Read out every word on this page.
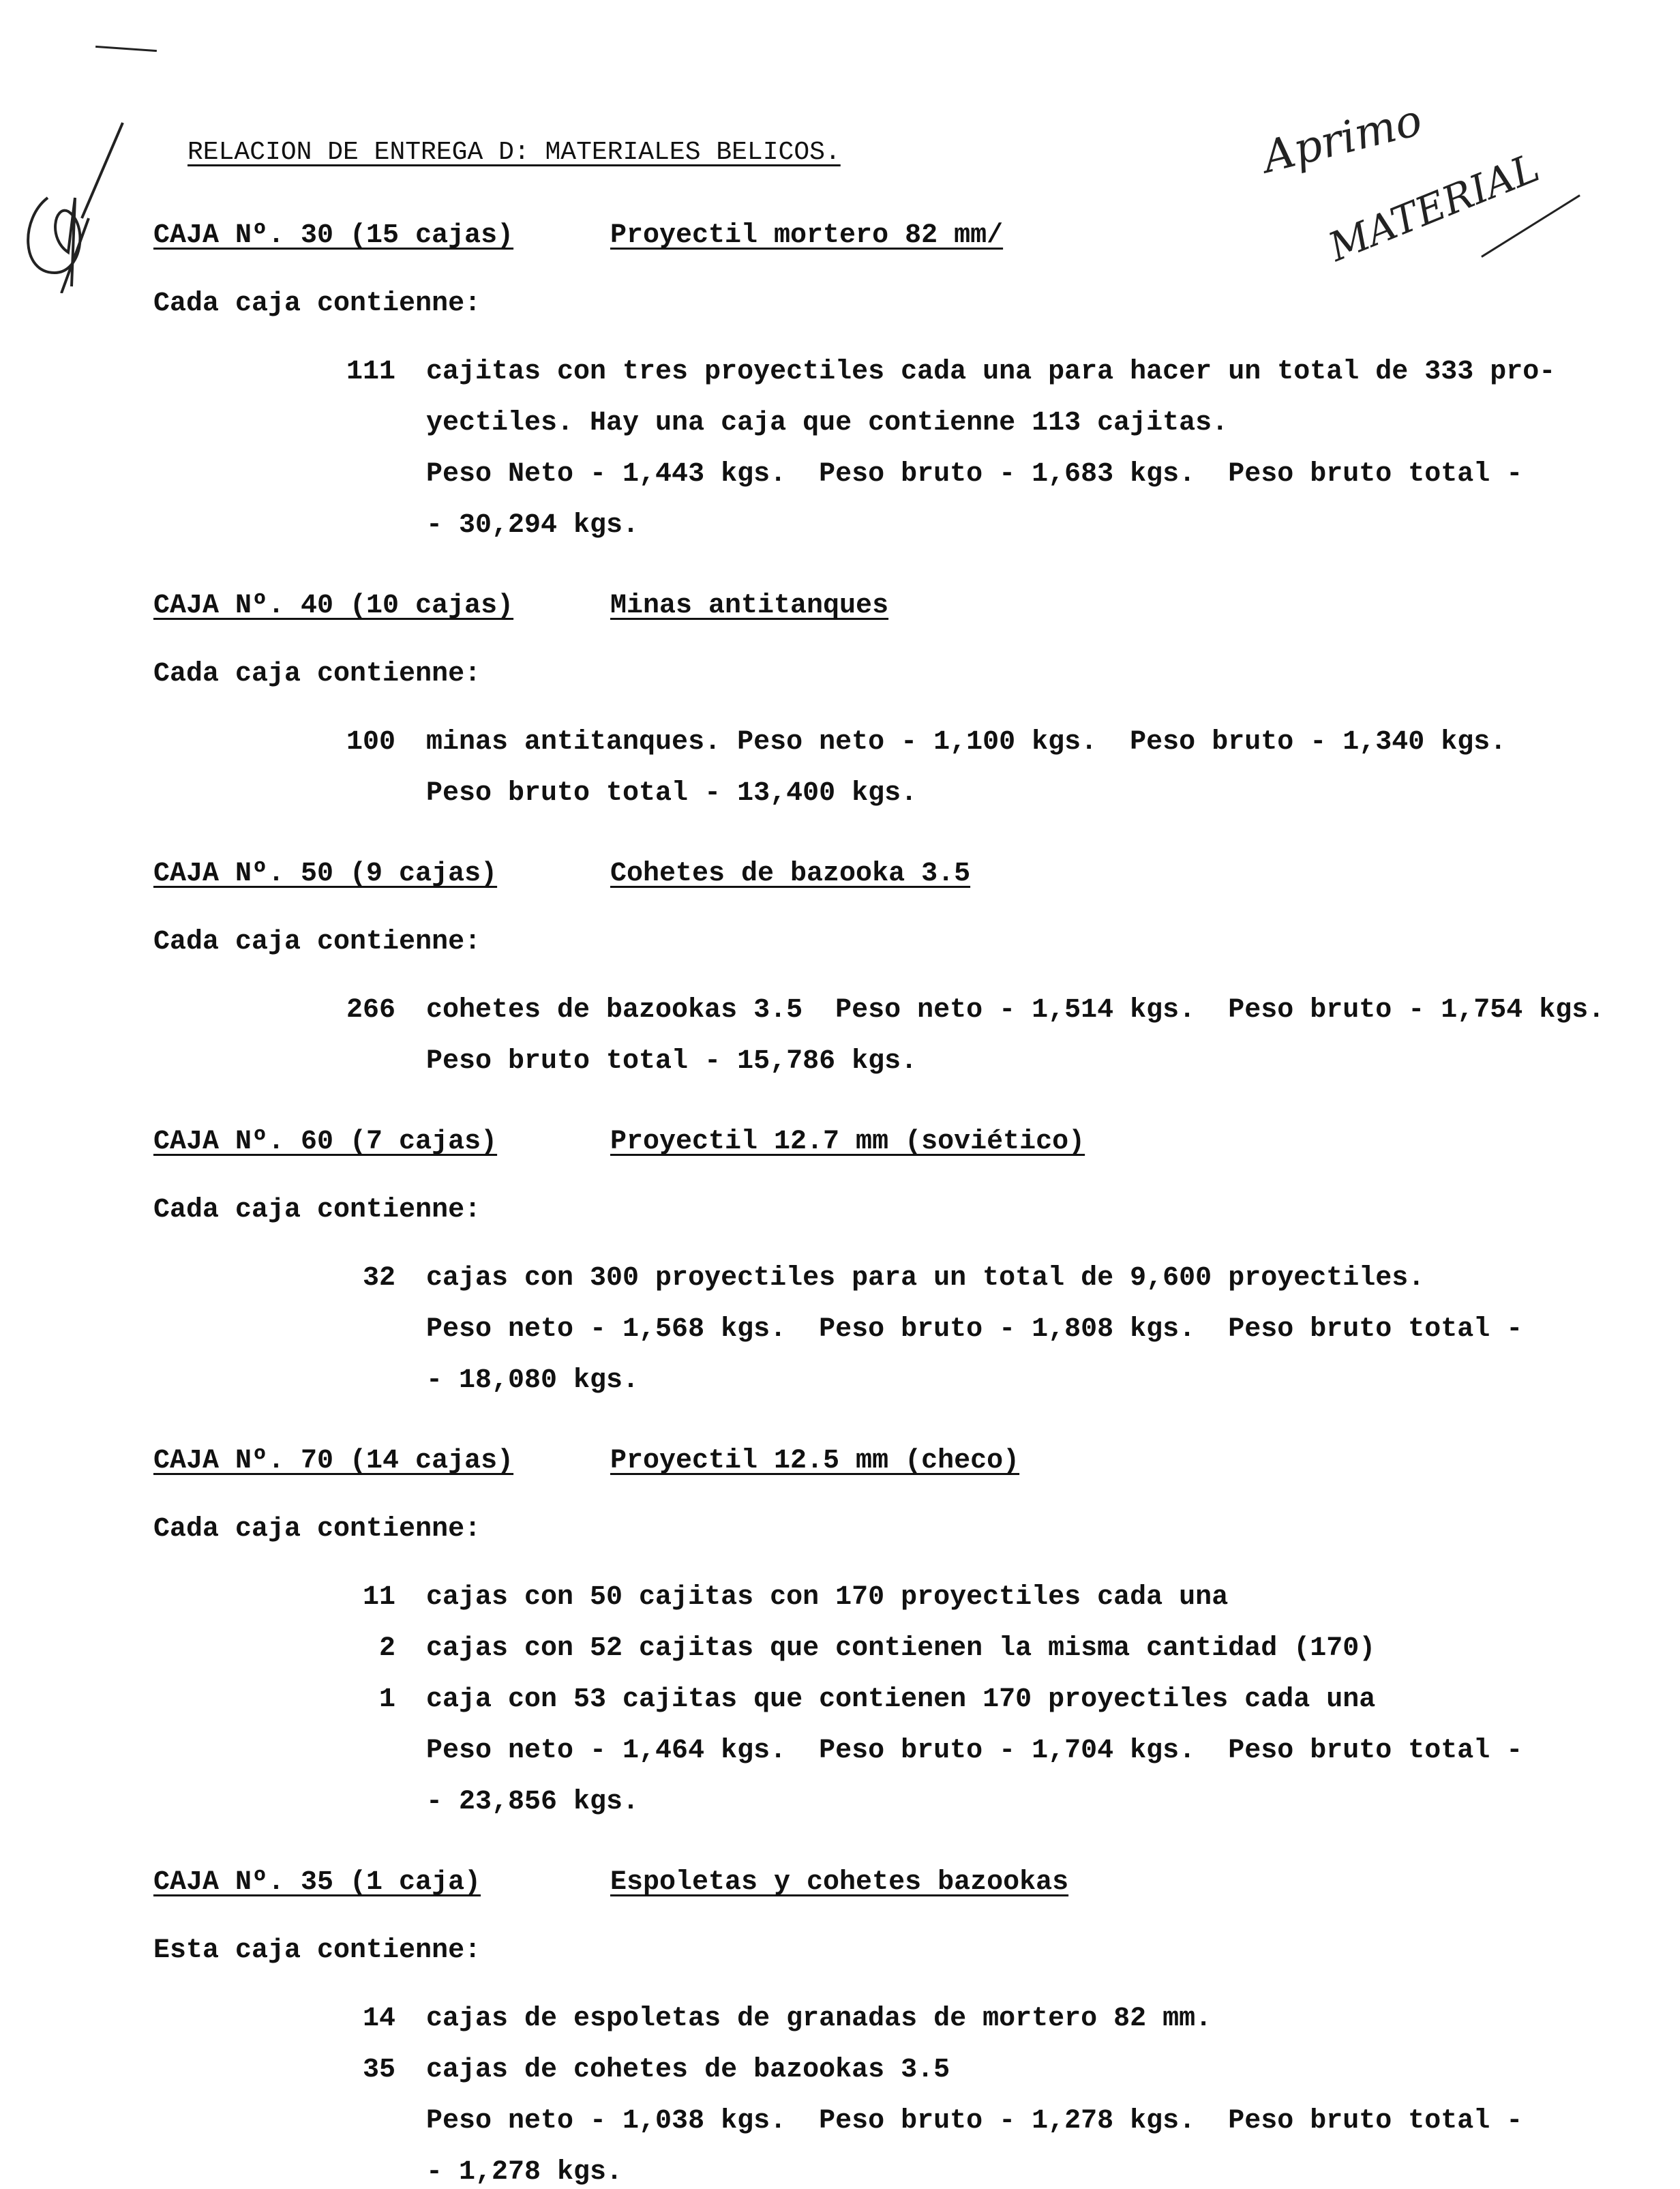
RELACION DE ENTREGA D: MATERIALES BELICOS.	Aprimo
MATERIAL
CAJA Nº. 30 (15 cajas)	Proyectil mortero 82 mm/
Cada caja contienne:
111 cajitas con tres proyectiles cada una para hacer un total de 333 pro-
yectiles. Hay una caja que contienne 113 cajitas.
Peso Neto - 1,443 kgs.  Peso bruto - 1,683 kgs.  Peso bruto total -
- 30,294 kgs.
CAJA Nº. 40 (10 cajas)	Minas antitanques
Cada caja contienne:
100 minas antitanques. Peso neto - 1,100 kgs.  Peso bruto - 1,340 kgs.
Peso bruto total - 13,400 kgs.
CAJA Nº. 50 (9 cajas)	Cohetes de bazooka 3.5
Cada caja contienne:
266 cohetes de bazookas 3.5  Peso neto - 1,514 kgs.  Peso bruto - 1,754 kgs.
Peso bruto total - 15,786 kgs.
CAJA Nº. 60 (7 cajas)	Proyectil 12.7 mm (soviético)
Cada caja contienne:
32 cajas con 300 proyectiles para un total de 9,600 proyectiles.
Peso neto - 1,568 kgs.  Peso bruto - 1,808 kgs.  Peso bruto total -
- 18,080 kgs.
CAJA Nº. 70 (14 cajas)	Proyectil 12.5 mm (checo)
Cada caja contienne:
11 cajas con 50 cajitas con 170 proyectiles cada una
2 cajas con 52 cajitas que contienen la misma cantidad (170)
1 caja con 53 cajitas que contienen 170 proyectiles cada una
Peso neto - 1,464 kgs.  Peso bruto - 1,704 kgs.  Peso bruto total -
- 23,856 kgs.
CAJA Nº. 35 (1 caja)	Espoletas y cohetes bazookas
Esta caja contienne:
14 cajas de espoletas de granadas de mortero 82 mm.
35 cajas de cohetes de bazookas 3.5
Peso neto - 1,038 kgs.  Peso bruto - 1,278 kgs.  Peso bruto total -
- 1,278 kgs.
